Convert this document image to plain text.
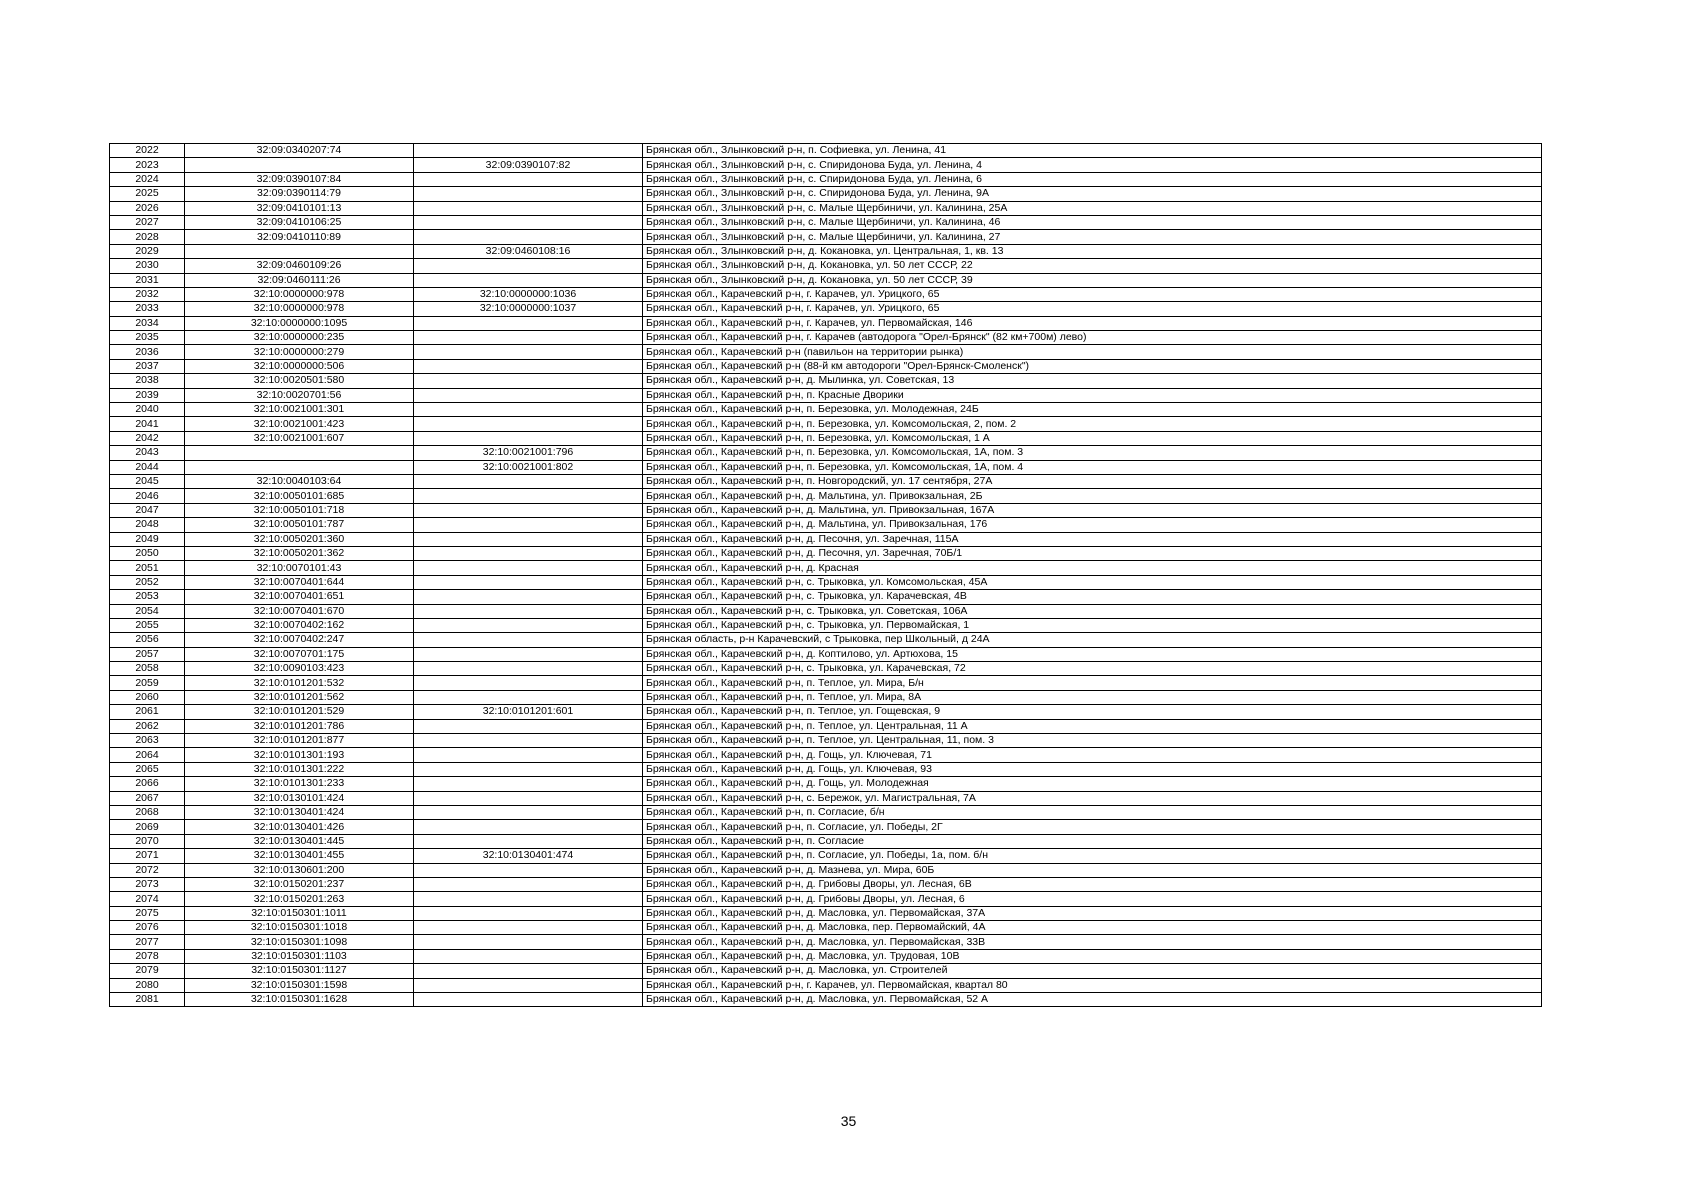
2022	32:09:0340207:74		Брянская обл., Злынковский р-н, п. Софиевка, ул. Ленина, 41
2023		32:09:0390107:82	Брянская обл., Злынковский р-н, с. Спиридонова Буда, ул. Ленина, 4
2024	32:09:0390107:84		Брянская обл., Злынковский р-н, с. Спиридонова Буда, ул. Ленина, 6
2025	32:09:0390114:79		Брянская обл., Злынковский р-н, с. Спиридонова Буда, ул. Ленина, 9А
2026	32:09:0410101:13		Брянская обл., Злынковский р-н, с. Малые Щербиничи, ул. Калинина, 25А
2027	32:09:0410106:25		Брянская обл., Злынковский р-н, с. Малые Щербиничи, ул. Калинина, 46
2028	32:09:0410110:89		Брянская обл., Злынковский р-н, с. Малые Щербиничи, ул. Калинина, 27
2029		32:09:0460108:16	Брянская обл., Злынковский р-н, д. Кокановка, ул. Центральная, 1, кв. 13
2030	32:09:0460109:26		Брянская обл., Злынковский р-н, д. Кокановка, ул. 50 лет СССР, 22
2031	32:09:0460111:26		Брянская обл., Злынковский р-н, д. Кокановка, ул. 50 лет СССР, 39
2032	32:10:0000000:978	32:10:0000000:1036	Брянская обл., Карачевский р-н, г. Карачев, ул. Урицкого, 65
2033	32:10:0000000:978	32:10:0000000:1037	Брянская обл., Карачевский р-н, г. Карачев, ул. Урицкого, 65
2034	32:10:0000000:1095		Брянская обл., Карачевский р-н, г. Карачев, ул. Первомайская, 146
2035	32:10:0000000:235		Брянская обл., Карачевский р-н, г. Карачев (автодорога "Орел-Брянск" (82 км+700м) лево)
2036	32:10:0000000:279		Брянская обл., Карачевский р-н (павильон на территории рынка)
2037	32:10:0000000:506		Брянская обл., Карачевский р-н (88-й км автодороги "Орел-Брянск-Смоленск")
2038	32:10:0020501:580		Брянская обл., Карачевский р-н, д. Мылинка, ул. Советская, 13
2039	32:10:0020701:56		Брянская обл., Карачевский р-н, п. Красные Дворики
2040	32:10:0021001:301		Брянская обл., Карачевский р-н, п. Березовка, ул. Молодежная, 24Б
2041	32:10:0021001:423		Брянская обл., Карачевский р-н, п. Березовка, ул. Комсомольская, 2, пом. 2
2042	32:10:0021001:607		Брянская обл., Карачевский р-н, п. Березовка, ул. Комсомольская, 1 А
2043		32:10:0021001:796	Брянская обл., Карачевский р-н, п. Березовка, ул. Комсомольская, 1А, пом. 3
2044		32:10:0021001:802	Брянская обл., Карачевский р-н, п. Березовка, ул. Комсомольская, 1А, пом. 4
2045	32:10:0040103:64		Брянская обл., Карачевский р-н, п. Новгородский, ул. 17 сентября, 27А
2046	32:10:0050101:685		Брянская обл., Карачевский р-н, д. Мальтина, ул. Привокзальная, 2Б
2047	32:10:0050101:718		Брянская обл., Карачевский р-н, д. Мальтина, ул. Привокзальная, 167А
2048	32:10:0050101:787		Брянская обл., Карачевский р-н, д. Мальтина, ул. Привокзальная, 176
2049	32:10:0050201:360		Брянская обл., Карачевский р-н, д. Песочня, ул. Заречная, 115А
2050	32:10:0050201:362		Брянская обл., Карачевский р-н, д. Песочня, ул. Заречная, 70Б/1
2051	32:10:0070101:43		Брянская обл., Карачевский р-н, д. Красная
2052	32:10:0070401:644		Брянская обл., Карачевский р-н, с. Трыковка, ул. Комсомольская, 45А
2053	32:10:0070401:651		Брянская обл., Карачевский р-н, с. Трыковка, ул. Карачевская, 4В
2054	32:10:0070401:670		Брянская обл., Карачевский р-н, с. Трыковка, ул. Советская, 106А
2055	32:10:0070402:162		Брянская обл., Карачевский р-н, с. Трыковка, ул. Первомайская, 1
2056	32:10:0070402:247		Брянская область, р-н Карачевский, с Трыковка, пер Школьный, д 24А
2057	32:10:0070701:175		Брянская обл., Карачевский р-н, д. Коптилово, ул. Артюхова, 15
2058	32:10:0090103:423		Брянская обл., Карачевский р-н, с. Трыковка, ул. Карачевская, 72
2059	32:10:0101201:532		Брянская обл., Карачевский р-н, п. Теплое, ул. Мира, Б/н
2060	32:10:0101201:562		Брянская обл., Карачевский р-н, п. Теплое, ул. Мира, 8А
2061	32:10:0101201:529	32:10:0101201:601	Брянская обл., Карачевский р-н, п. Теплое, ул. Гощевская, 9
2062	32:10:0101201:786		Брянская обл., Карачевский р-н, п. Теплое, ул. Центральная, 11 А
2063	32:10:0101201:877		Брянская обл., Карачевский р-н, п. Теплое, ул. Центральная, 11, пом. 3
2064	32:10:0101301:193		Брянская обл., Карачевский р-н, д. Гощь, ул. Ключевая, 71
2065	32:10:0101301:222		Брянская обл., Карачевский р-н, д. Гощь, ул. Ключевая, 93
2066	32:10:0101301:233		Брянская обл., Карачевский р-н, д. Гощь, ул. Молодежная
2067	32:10:0130101:424		Брянская обл., Карачевский р-н, с. Бережок, ул. Магистральная, 7А
2068	32:10:0130401:424		Брянская обл., Карачевский р-н, п. Согласие, б/н
2069	32:10:0130401:426		Брянская обл., Карачевский р-н, п. Согласие, ул. Победы, 2Г
2070	32:10:0130401:445		Брянская обл., Карачевский р-н, п. Согласие
2071	32:10:0130401:455	32:10:0130401:474	Брянская обл., Карачевский р-н, п. Согласие, ул. Победы, 1а, пом. б/н
2072	32:10:0130601:200		Брянская обл., Карачевский р-н, д. Мазнева, ул. Мира, 60Б
2073	32:10:0150201:237		Брянская обл., Карачевский р-н, д. Грибовы Дворы, ул. Лесная, 6В
2074	32:10:0150201:263		Брянская обл., Карачевский р-н, д. Грибовы Дворы, ул. Лесная, 6
2075	32:10:0150301:1011		Брянская обл., Карачевский р-н, д. Масловка, ул. Первомайская, 37А
2076	32:10:0150301:1018		Брянская обл., Карачевский р-н, д. Масловка, пер. Первомайский, 4А
2077	32:10:0150301:1098		Брянская обл., Карачевский р-н, д. Масловка, ул. Первомайская, 33В
2078	32:10:0150301:1103		Брянская обл., Карачевский р-н, д. Масловка, ул. Трудовая, 10В
2079	32:10:0150301:1127		Брянская обл., Карачевский р-н, д. Масловка, ул. Строителей
2080	32:10:0150301:1598		Брянская обл., Карачевский р-н, г. Карачев, ул. Первомайская, квартал 80
2081	32:10:0150301:1628		Брянская обл., Карачевский р-н, д. Масловка, ул. Первомайская, 52 А
35
